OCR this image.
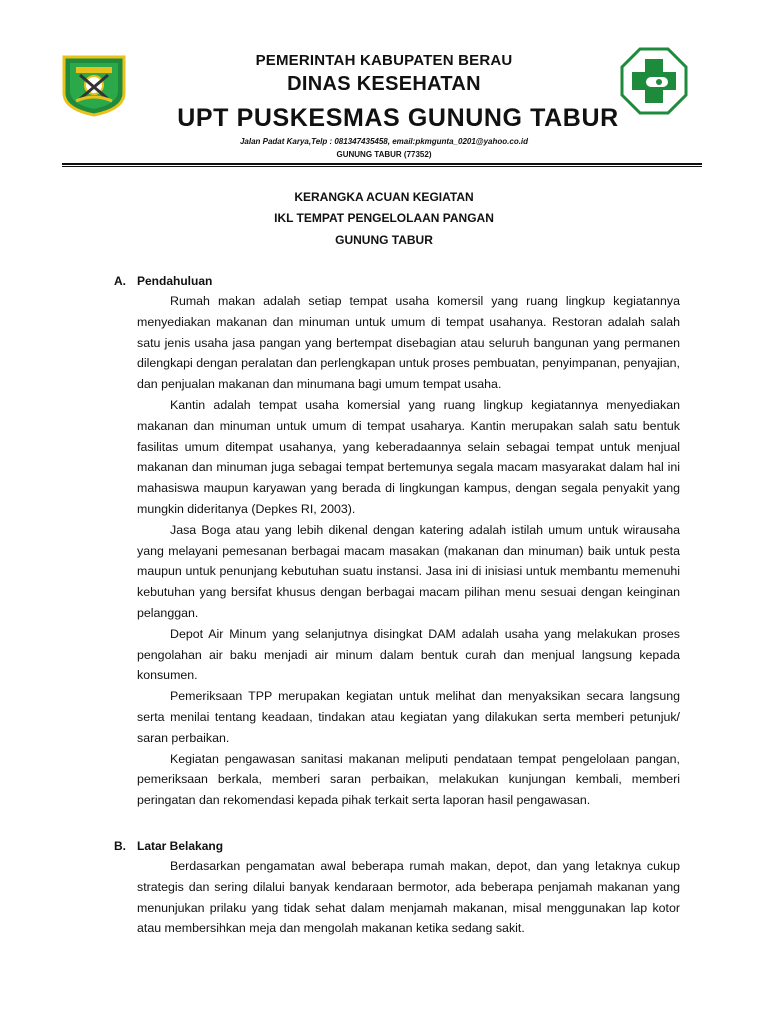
PEMERINTAH KABUPATEN BERAU
DINAS KESEHATAN
UPT PUSKESMAS GUNUNG TABUR
Jalan Padat Karya,Telp : 081347435458, email:pkmgunta_0201@yahoo.co.id
GUNUNG TABUR (77352)
KERANGKA ACUAN KEGIATAN
IKL TEMPAT PENGELOLAAN PANGAN
GUNUNG TABUR
A. Pendahuluan

Rumah makan adalah setiap tempat usaha komersil yang ruang lingkup kegiatannya menyediakan makanan dan minuman untuk umum di tempat usahanya. Restoran adalah salah satu jenis usaha jasa pangan yang bertempat disebagian atau seluruh bangunan yang permanen dilengkapi dengan peralatan dan perlengkapan untuk proses pembuatan, penyimpanan, penyajian, dan penjualan makanan dan minumana bagi umum tempat usaha.

Kantin adalah tempat usaha komersial yang ruang lingkup kegiatannya menyediakan makanan dan minuman untuk umum di tempat usaharya. Kantin merupakan salah satu bentuk fasilitas umum ditempat usahanya, yang keberadaannya selain sebagai tempat untuk menjual makanan dan minuman juga sebagai tempat bertemunya segala macam masyarakat dalam hal ini mahasiswa maupun karyawan yang berada di lingkungan kampus, dengan segala penyakit yang mungkin dideritanya (Depkes RI, 2003).

Jasa Boga atau yang lebih dikenal dengan katering adalah istilah umum untuk wirausaha yang melayani pemesanan berbagai macam masakan (makanan dan minuman) baik untuk pesta maupun untuk penunjang kebutuhan suatu instansi. Jasa ini di inisiasi untuk membantu memenuhi kebutuhan yang bersifat khusus dengan berbagai macam pilihan menu sesuai dengan keinginan pelanggan.

Depot Air Minum yang selanjutnya disingkat DAM adalah usaha yang melakukan proses pengolahan air baku menjadi air minum dalam bentuk curah dan menjual langsung kepada konsumen.

Pemeriksaan TPP merupakan kegiatan untuk melihat dan menyaksikan secara langsung serta menilai tentang keadaan, tindakan atau kegiatan yang dilakukan serta memberi petunjuk/ saran perbaikan.

Kegiatan pengawasan sanitasi makanan meliputi pendataan tempat pengelolaan pangan, pemeriksaan berkala, memberi saran perbaikan, melakukan kunjungan kembali, memberi peringatan dan rekomendasi kepada pihak terkait serta laporan hasil pengawasan.

B. Latar Belakang

Berdasarkan pengamatan awal beberapa rumah makan, depot, dan yang letaknya cukup strategis dan sering dilalui banyak kendaraan bermotor, ada beberapa penjamah makanan yang menunjukan prilaku yang tidak sehat dalam menjamah makanan, misal menggunakan lap kotor atau membersihkan meja dan mengolah makanan ketika sedang sakit.
